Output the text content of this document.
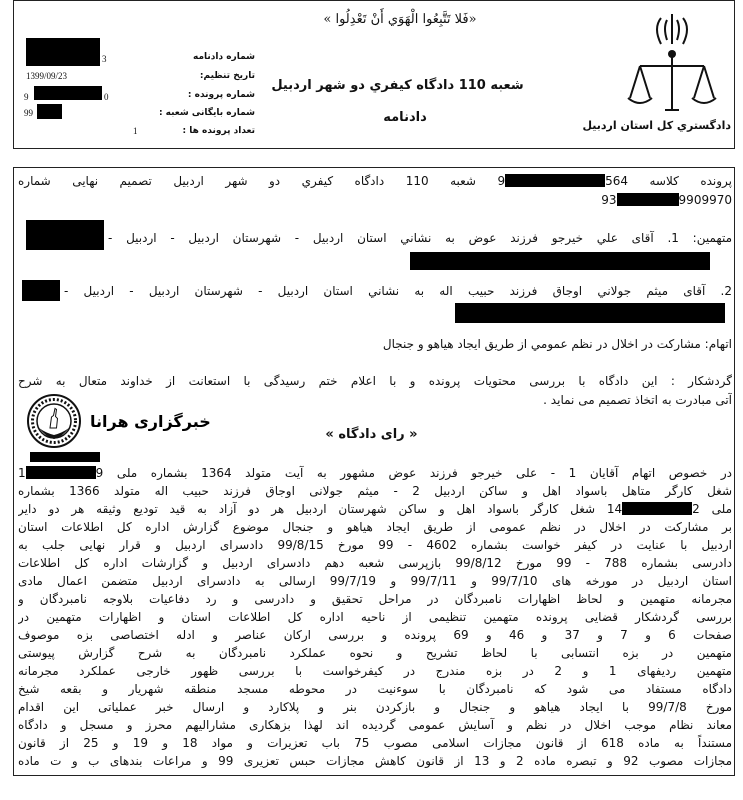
دادگستري كل استان اردبيل
«فَلا تَتَّبِعُوا الْهَوَي أَنْ تَعْدِلُوا »
شعبه 110 دادگاه کیفري دو شهر اردبیل
دادنامه
شماره دادنامه
3
تاریخ تنظیم:
1399/09/23
شماره پرونده :
9	0
شماره بایگانی شعبه :
99
تعداد پرونده ها :
1
پرونده کلاسه 5649 شعبه 110 دادگاه کیفري دو شهر اردبیل تصمیم نهایی شماره
990997093
متهمین: 1. آقای علي خیرجو فرزند عوض به نشاني استان اردبیل - شهرستان اردبیل - اردبیل -
2. آقای میثم جولاني اوجاق فرزند حبیب اله به نشاني استان اردبیل - شهرستان اردبیل - اردبیل -
اتهام: مشارکت در اخلال در نظم عمومي از طریق ایجاد هیاهو و جنجال
گردشکار : این دادگاه با بررسی محتویات پرونده و با اعلام ختم رسیدگی با استعانت از خداوند متعال به شرح
آتی مبادرت به اتخاذ تصمیم می نماید .
« رای دادگاه »
خبرگزاری هرانا
در خصوص اتهام آقایان 1 - علی خیرجو فرزند عوض مشهور به آیت متولد 1364 بشماره ملی 91
شغل کارگر متاهل باسواد اهل و ساکن اردبیل 2 - میثم جولانی اوجاق فرزند حبیب اله متولد 1366 بشماره
ملی 214 شغل کارگر باسواد اهل و ساکن شهرستان اردبیل هر دو آزاد به قید تودیع وثیقه هر دو دایر
بر مشارکت در اخلال در نظم عمومی از طریق ایجاد هیاهو و جنجال موضوع گزارش اداره کل اطلاعات استان
اردبیل با عنایت در کیفر خواست بشماره 4602 - 99 مورخ 99/8/15 دادسرای اردبیل و قرار نهایی جلب به
دادرسی بشماره 788 - 99 مورخ 99/8/12 بازپرسی شعبه دهم دادسرای اردبیل و گزارشات اداره کل اطلاعات
استان اردبیل در مورخه های 99/7/10 و 99/7/11 و 99/7/19 ارسالی به دادسرای اردبیل متضمن اعمال مادی
مجرمانه متهمین و لحاظ اظهارات نامبردگان در مراحل تحقیق و دادرسی و رد دفاعیات بلاوجه نامبردگان و
بررسی گردشکار قضایی پرونده متهمین تنظیمی از ناحیه اداره کل اطلاعات استان و اظهارات متهمین در
صفحات 6 و 7 و 37 و 46 و 69 پرونده و بررسی ارکان عناصر و ادله اختصاصی بزه موصوف
متهمین در بزه انتسابی با لحاظ تشریح و نحوه عملکرد نامبردگان به شرح گزارش پیوستی
متهمین ردیفهای 1 و 2 در بزه مندرج در کیفرخواست با بررسی ظهور خارجی عملکرد مجرمانه
دادگاه مستفاد می شود که نامبردگان با سوءنیت در محوطه مسجد منطقه شهریار و بقعه شیخ
مورخ 99/7/8 با ایجاد هیاهو و جنجال و بازکردن بنر و پلاکارد و ارسال خبر عملیاتی این اقدام
معاند نظام موجب اخلال در نظم و آسایش عمومی گردیده اند لهذا بزهکاری مشارالیهم محرز و مسجل و دادگاه
مستنداً به ماده 618 از قانون مجازات اسلامی مصوب 75 باب تعزیرات و مواد 18 و 19 و 25 از قانون
مجازات مصوب 92 و تبصره ماده 2 و 13 از قانون کاهش مجازات حبس تعزیری 99 و مراعات بندهای ب و ت ماده
